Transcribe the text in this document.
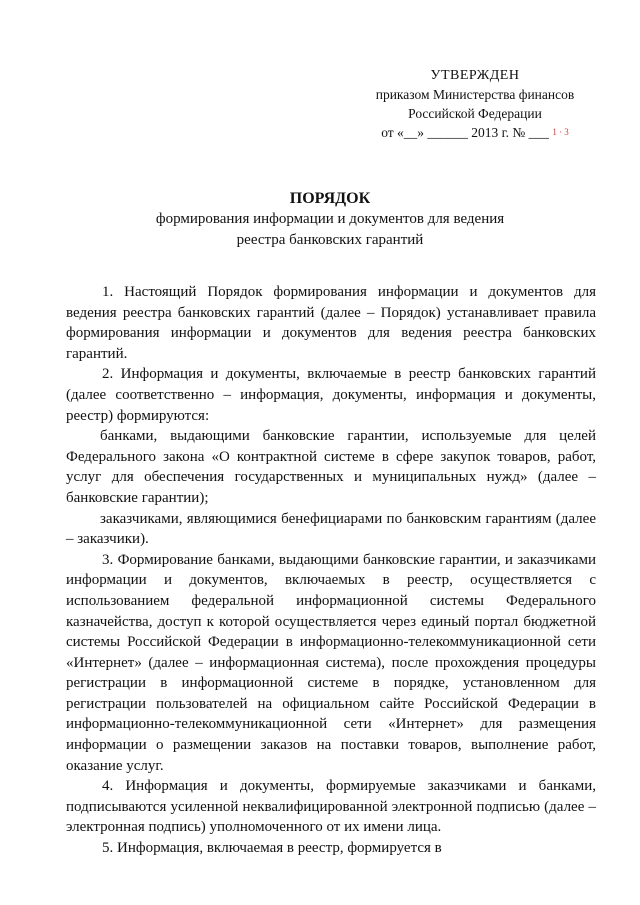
УТВЕРЖДЕН
приказом Министерства финансов
Российской Федерации
от «__» ______ 2013 г. № ___ $^{1 \cdot 3}$
ПОРЯДОК
формирования информации и документов для ведения
реестра банковских гарантий

1. Настоящий Порядок формирования информации и документов для ведения реестра банковских гарантий (далее – Порядок) устанавливает правила формирования информации и документов для ведения реестра банковских гарантий.

2. Информация и документы, включаемые в реестр банковских гарантий (далее соответственно – информация, документы, информация и документы, реестр) формируются:

банками, выдающими банковские гарантии, используемые для целей Федерального закона «О контрактной системе в сфере закупок товаров, работ, услуг для обеспечения государственных и муниципальных нужд» (далее – банковские гарантии);

заказчиками, являющимися бенефициарами по банковским гарантиям (далее – заказчики).

3. Формирование банками, выдающими банковские гарантии, и заказчиками информации и документов, включаемых в реестр, осуществляется с использованием федеральной информационной системы Федерального казначейства, доступ к которой осуществляется через единый портал бюджетной системы Российской Федерации в информационно-телекоммуникационной сети «Интернет» (далее – информационная система), после прохождения процедуры регистрации в информационной системе в порядке, установленном для регистрации пользователей на официальном сайте Российской Федерации в информационно-телекоммуникационной сети «Интернет» для размещения информации о размещении заказов на поставки товаров, выполнение работ, оказание услуг.

4. Информация и документы, формируемые заказчиками и банками, подписываются усиленной неквалифицированной электронной подписью (далее – электронная подпись) уполномоченного от их имени лица.

5. Информация, включаемая в реестр, формируется в
